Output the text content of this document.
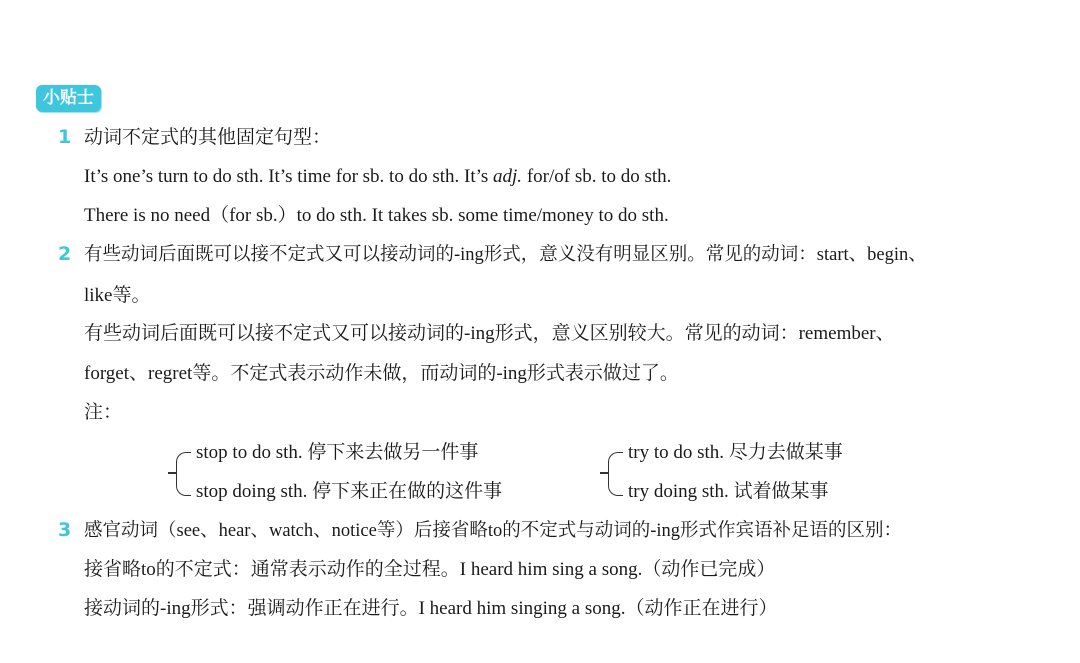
小贴士
1 动词不定式的其他固定句型：
It’s one’s turn to do sth. It’s time for sb. to do sth. It’s adj. for/of sb. to do sth.
There is no need（for sb.）to do sth. It takes sb. some time/money to do sth.
2 有些动词后面既可以接不定式又可以接动词的-ing形式，意义没有明显区别。常见的动词：start、begin、
like等。
有些动词后面既可以接不定式又可以接动词的-ing形式，意义区别较大。常见的动词：remember、
forget、regret等。不定式表示动作未做，而动词的-ing形式表示做过了。
注：
stop to do sth. 停下来去做另一件事
stop doing sth. 停下来正在做的这件事
try to do sth. 尽力去做某事
try doing sth. 试着做某事
3 感官动词（see、hear、watch、notice等）后接省略to的不定式与动词的-ing形式作宾语补足语的区别：
接省略to的不定式：通常表示动作的全过程。I heard him sing a song.（动作已完成）
接动词的-ing形式：强调动作正在进行。I heard him singing a song.（动作正在进行）
